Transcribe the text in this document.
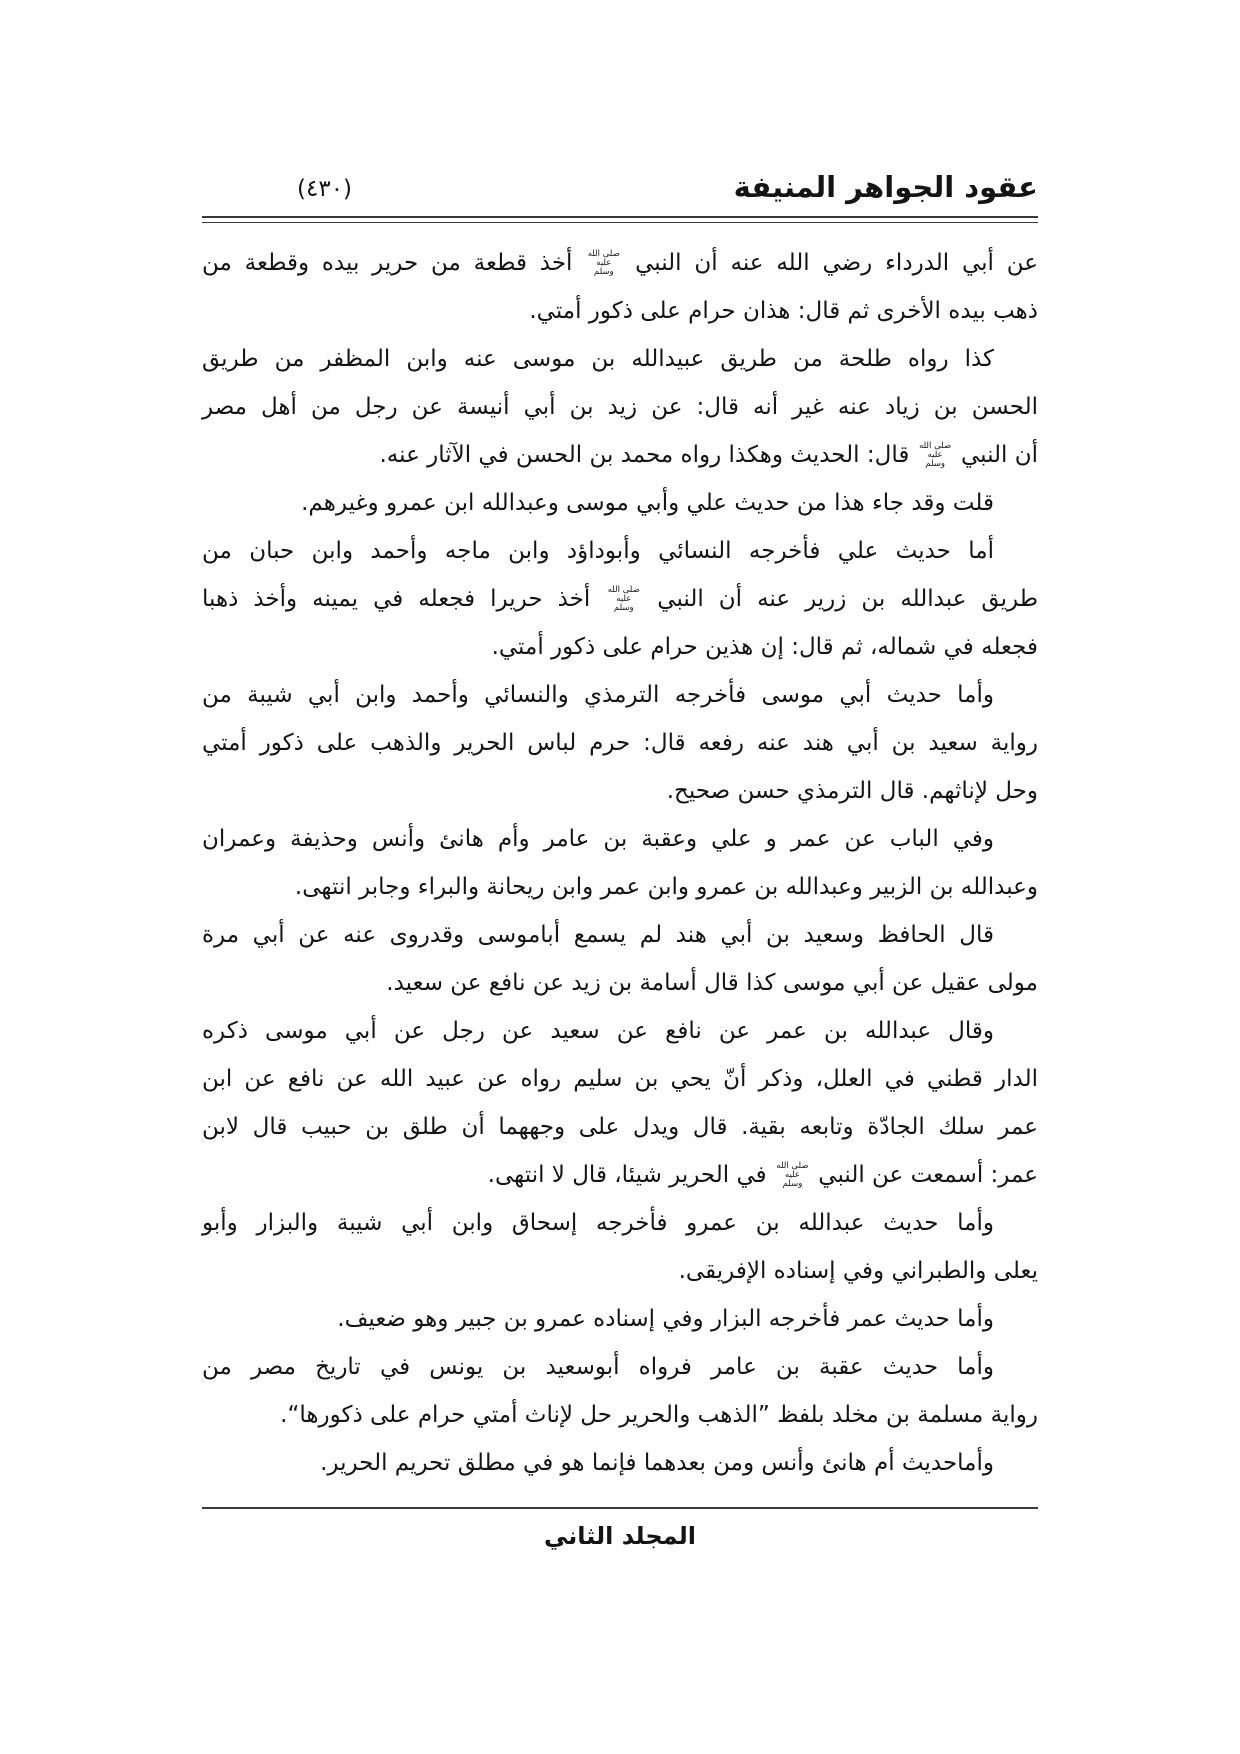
عقود الجواهر المنيفة
(٤٣٠)
عن أبي الدرداء رضي الله عنه أن النبي صلى الله عليه وسلم أخذ قطعة من حرير بيده وقطعة من
ذهب بيده الأخرى ثم قال: هذان حرام على ذكور أمتي.
كذا رواه طلحة من طريق عبيدالله بن موسى عنه وابن المظفر من طريق
الحسن بن زياد عنه غير أنه قال: عن زيد بن أبي أنيسة عن رجل من أهل مصر
أن النبي صلى الله عليه وسلم قال: الحديث وهكذا رواه محمد بن الحسن في الآثار عنه.
قلت وقد جاء هذا من حديث علي وأبي موسى وعبدالله ابن عمرو وغيرهم.
أما حديث علي فأخرجه النسائي وأبوداؤد وابن ماجه وأحمد وابن حبان من
طريق عبدالله بن زرير عنه أن النبي صلى الله عليه وسلم أخذ حريرا فجعله في يمينه وأخذ ذهبا
فجعله في شماله، ثم قال: إن هذين حرام على ذكور أمتي.
وأما حديث أبي موسى فأخرجه الترمذي والنسائي وأحمد وابن أبي شيبة من
رواية سعيد بن أبي هند عنه رفعه قال: حرم لباس الحرير والذهب على ذكور أمتي
وحل لإناثهم. قال الترمذي حسن صحيح.
وفي الباب عن عمر و علي وعقبة بن عامر وأم هانئ وأنس وحذيفة وعمران
وعبدالله بن الزبير وعبدالله بن عمرو وابن عمر وابن ريحانة والبراء وجابر انتهى.
قال الحافظ وسعيد بن أبي هند لم يسمع أباموسى وقدروى عنه عن أبي مرة
مولى عقيل عن أبي موسى كذا قال أسامة بن زيد عن نافع عن سعيد.
وقال عبدالله بن عمر عن نافع عن سعيد عن رجل عن أبي موسى ذكره
الدار قطني في العلل، وذكر أنّ يحي بن سليم رواه عن عبيد الله عن نافع عن ابن
عمر سلك الجادّة وتابعه بقية. قال ويدل على وجههما أن طلق بن حبيب قال لابن
عمر: أسمعت عن النبي صلى الله عليه وسلم في الحرير شيئا، قال لا انتهى.
وأما حديث عبدالله بن عمرو فأخرجه إسحاق وابن أبي شيبة والبزار وأبو
يعلى والطبراني وفي إسناده الإفريقى.
وأما حديث عمر فأخرجه البزار وفي إسناده عمرو بن جبير وهو ضعيف.
وأما حديث عقبة بن عامر فرواه أبوسعيد بن يونس في تاريخ مصر من
رواية مسلمة بن مخلد بلفظ ”الذهب والحرير حل لإناث أمتي حرام على ذكورها“.
وأماحديث أم هانئ وأنس ومن بعدهما فإنما هو في مطلق تحريم الحرير.
المجلد الثاني
